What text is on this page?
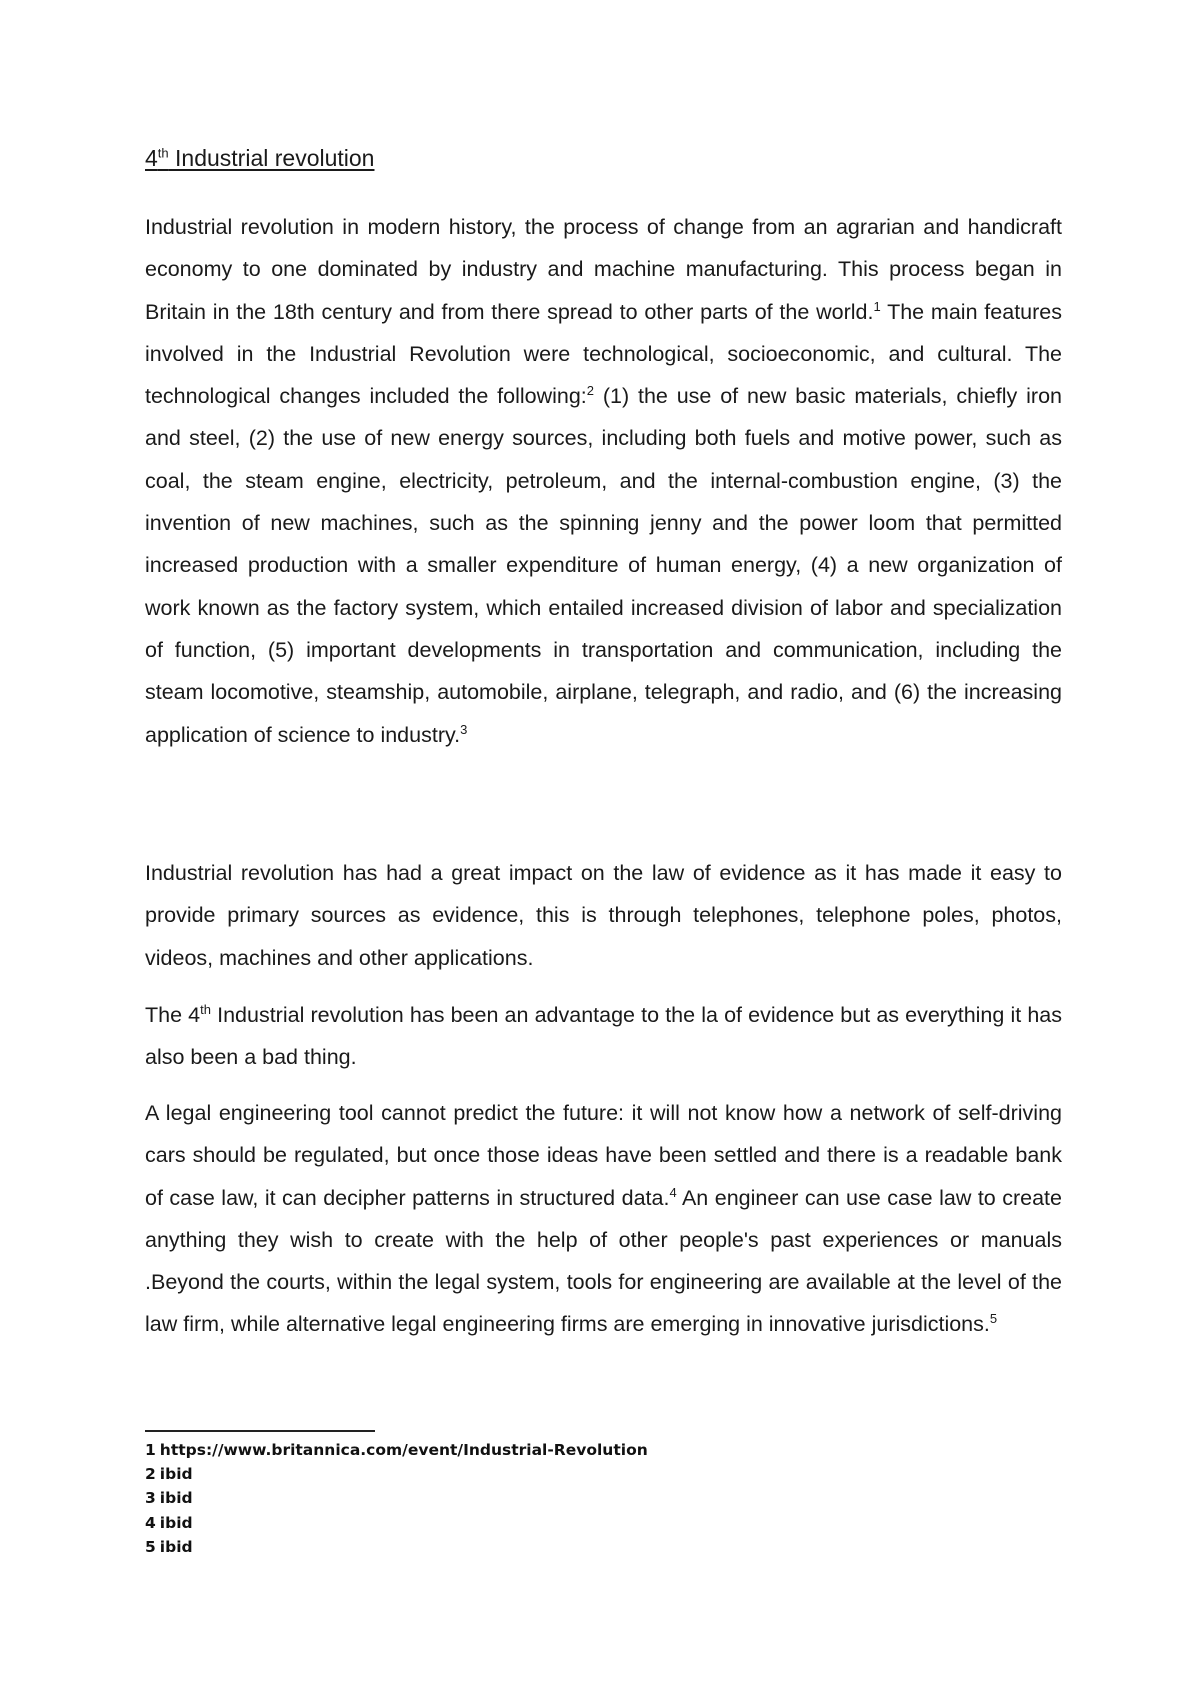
4th Industrial revolution

Industrial revolution in modern history, the process of change from an agrarian and handicraft economy to one dominated by industry and machine manufacturing. This process began in Britain in the 18th century and from there spread to other parts of the world.$^1$ The main features involved in the Industrial Revolution were technological, socioeconomic, and cultural. The technological changes included the following:$^2$ (1) the use of new basic materials, chiefly iron and steel, (2) the use of new energy sources, including both fuels and motive power, such as coal, the steam engine, electricity, petroleum, and the internal-combustion engine, (3) the invention of new machines, such as the spinning jenny and the power loom that permitted increased production with a smaller expenditure of human energy, (4) a new organization of work known as the factory system, which entailed increased division of labor and specialization of function, (5) important developments in transportation and communication, including the steam locomotive, steamship, automobile, airplane, telegraph, and radio, and (6) the increasing application of science to industry.$^3$

Industrial revolution has had a great impact on the law of evidence as it has made it easy to provide primary sources as evidence, this is through telephones, telephone poles, photos, videos, machines and other applications.

The 4th Industrial revolution has been an advantage to the la of evidence but as everything it has also been a bad thing.

A legal engineering tool cannot predict the future: it will not know how a network of self-driving cars should be regulated, but once those ideas have been settled and there is a readable bank of case law, it can decipher patterns in structured data.$^4$ An engineer can use case law to create anything they wish to create with the help of other people's past experiences or manuals .Beyond the courts, within the legal system, tools for engineering are available at the level of the law firm, while alternative legal engineering firms are emerging in innovative jurisdictions.$^5$

1 https://www.britannica.com/event/Industrial-Revolution
2 ibid
3 ibid
4 ibid
5 ibid
